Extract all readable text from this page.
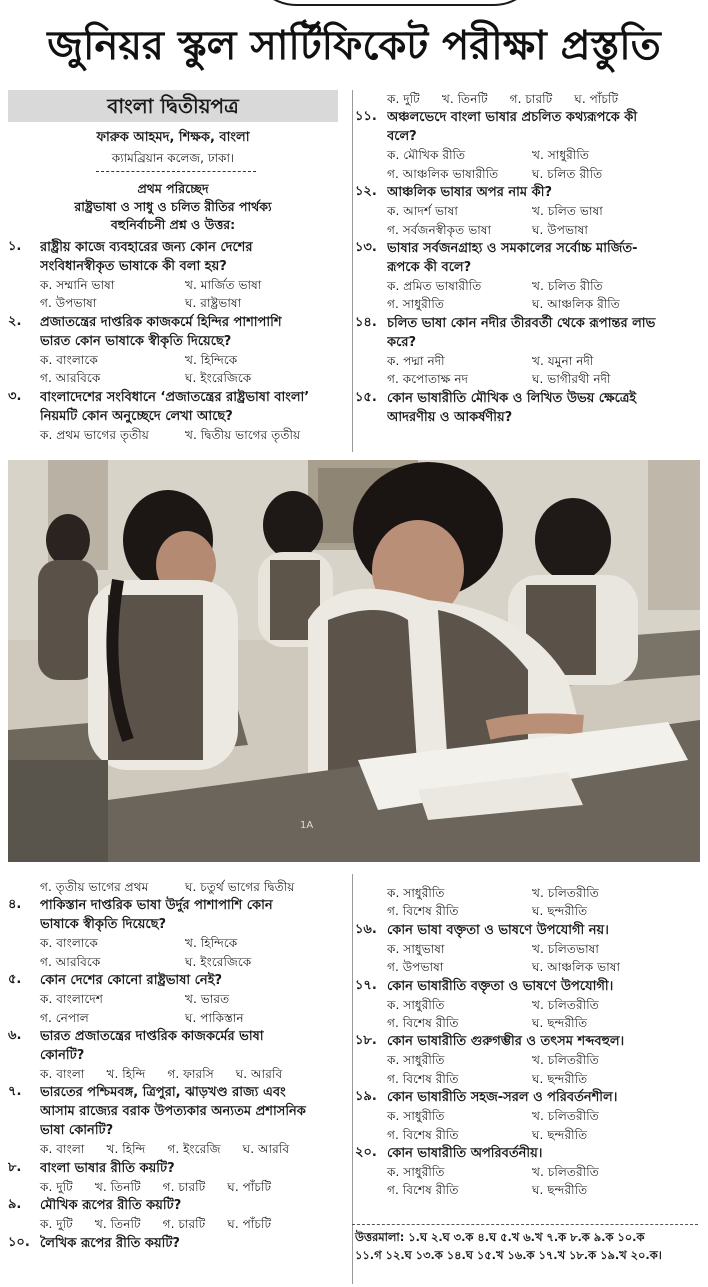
জুনিয়র স্কুল সার্টিফিকেট পরীক্ষা প্রস্তুতি
বাংলা দ্বিতীয়পত্র
ফারুক আহমদ, শিক্ষক, বাংলা
ক্যামব্রিয়ান কলেজ, ঢাকা।
প্রথম পরিচ্ছেদ
রাষ্ট্রভাষা ও সাধু ও চলিত রীতির পার্থক্য
বহুনির্বাচনী প্রশ্ন ও উত্তর:
১.	রাষ্ট্রীয় কাজে ব্যবহারের জন্য কোন দেশের
সংবিধানস্বীকৃত ভাষাকে কী বলা হয়?
ক. সম্মানি ভাষা	খ. মার্জিত ভাষা
গ. উপভাষা	ঘ. রাষ্ট্রভাষা
২.	প্রজাতন্ত্রের দাপ্তরিক কাজকর্মে হিন্দির পাশাপাশি
ভারত কোন ভাষাকে স্বীকৃতি দিয়েছে?
ক. বাংলাকে	খ. হিন্দিকে
গ. আরবিকে	ঘ. ইংরেজিকে
৩.	বাংলাদেশের সংবিধানে ‘প্রজাতন্ত্রের রাষ্ট্রভাষা বাংলা’
নিয়মটি কোন অনুচ্ছেদে লেখা আছে?
ক. প্রথম ভাগের তৃতীয়	খ. দ্বিতীয় ভাগের তৃতীয়
ক. দুটি খ. তিনটি গ. চারটি ঘ. পাঁচটি
১১. অঞ্চলভেদে বাংলা ভাষার প্রচলিত কথ্যরূপকে কী
বলে?
ক. মৌখিক রীতি	খ. সাধুরীতি
গ. আঞ্চলিক ভাষারীতি	ঘ. চলিত রীতি
১২. আঞ্চলিক ভাষার অপর নাম কী?
ক. আদর্শ ভাষা	খ. চলিত ভাষা
গ. সর্বজনস্বীকৃত ভাষা	ঘ. উপভাষা
১৩. ভাষার সর্বজনগ্রাহ্য ও সমকালের সর্বোচ্চ মার্জিত-
রূপকে কী বলে?
ক. প্রমিত ভাষারীতি	খ. চলিত রীতি
গ. সাধুরীতি	ঘ. আঞ্চলিক রীতি
১৪. চলিত ভাষা কোন নদীর তীরবর্তী থেকে রূপান্তর লাভ
করে?
ক. পদ্মা নদী	খ. যমুনা নদী
গ. কপোতাক্ষ নদ	ঘ. ভাগীরথী নদী
১৫. কোন ভাষারীতি মৌখিক ও লিখিত উভয় ক্ষেত্রেই
আদরণীয় ও আকর্ষণীয়?
1A
গ. তৃতীয় ভাগের প্রথম	ঘ. চতুর্থ ভাগের দ্বিতীয়
৪.	পাকিস্তান দাপ্তরিক ভাষা উর্দুর পাশাপাশি কোন
ভাষাকে স্বীকৃতি দিয়েছে?
ক. বাংলাকে	খ. হিন্দিকে
গ. আরবিকে	ঘ. ইংরেজিকে
৫.	কোন দেশের কোনো রাষ্ট্রভাষা নেই?
ক. বাংলাদেশ	খ. ভারত
গ. নেপাল	ঘ. পাকিস্তান
৬.	ভারত প্রজাতন্ত্রের দাপ্তরিক কাজকর্মের ভাষা
কোনটি?
ক. বাংলা খ. হিন্দি গ. ফারসি ঘ. আরবি
৭.	ভারতের পশ্চিমবঙ্গ, ত্রিপুরা, ঝাড়খণ্ড রাজ্য এবং
আসাম রাজ্যের বরাক উপত্যকার অন্যতম প্রশাসনিক
ভাষা কোনটি?
ক. বাংলা খ. হিন্দি গ. ইংরেজি ঘ. আরবি
৮.	বাংলা ভাষার রীতি কয়টি?
ক. দুটি খ. তিনটি গ. চারটি ঘ. পাঁচটি
৯.	মৌখিক রূপের রীতি কয়টি?
ক. দুটি খ. তিনটি গ. চারটি ঘ. পাঁচটি
১০. লৈখিক রূপের রীতি কয়টি?
ক. সাধুরীতি	খ. চলিতরীতি
গ. বিশেষ রীতি	ঘ. ছন্দরীতি
১৬. কোন ভাষা বক্তৃতা ও ভাষণে উপযোগী নয়।
ক. সাধুভাষা	খ. চলিতভাষা
গ. উপভাষা	ঘ. আঞ্চলিক ভাষা
১৭. কোন ভাষারীতি বক্তৃতা ও ভাষণে উপযোগী।
ক. সাধুরীতি	খ. চলিতরীতি
গ. বিশেষ রীতি	ঘ. ছন্দরীতি
১৮. কোন ভাষারীতি গুরুগম্ভীর ও তৎসম শব্দবহুল।
ক. সাধুরীতি	খ. চলিতরীতি
গ. বিশেষ রীতি	ঘ. ছন্দরীতি
১৯. কোন ভাষারীতি সহজ-সরল ও পরিবর্তনশীল।
ক. সাধুরীতি	খ. চলিতরীতি
গ. বিশেষ রীতি	ঘ. ছন্দরীতি
২০. কোন ভাষারীতি অপরিবর্তনীয়।
ক. সাধুরীতি	খ. চলিতরীতি
গ. বিশেষ রীতি	ঘ. ছন্দরীতি
উত্তরমালা: ১.ঘ ২.ঘ ৩.ক ৪.ঘ ৫.খ ৬.খ ৭.ক ৮.ক ৯.ক ১০.ক
১১.গ ১২.ঘ ১৩.ক ১৪.ঘ ১৫.খ ১৬.ক ১৭.খ ১৮.ক ১৯.খ ২০.ক।
